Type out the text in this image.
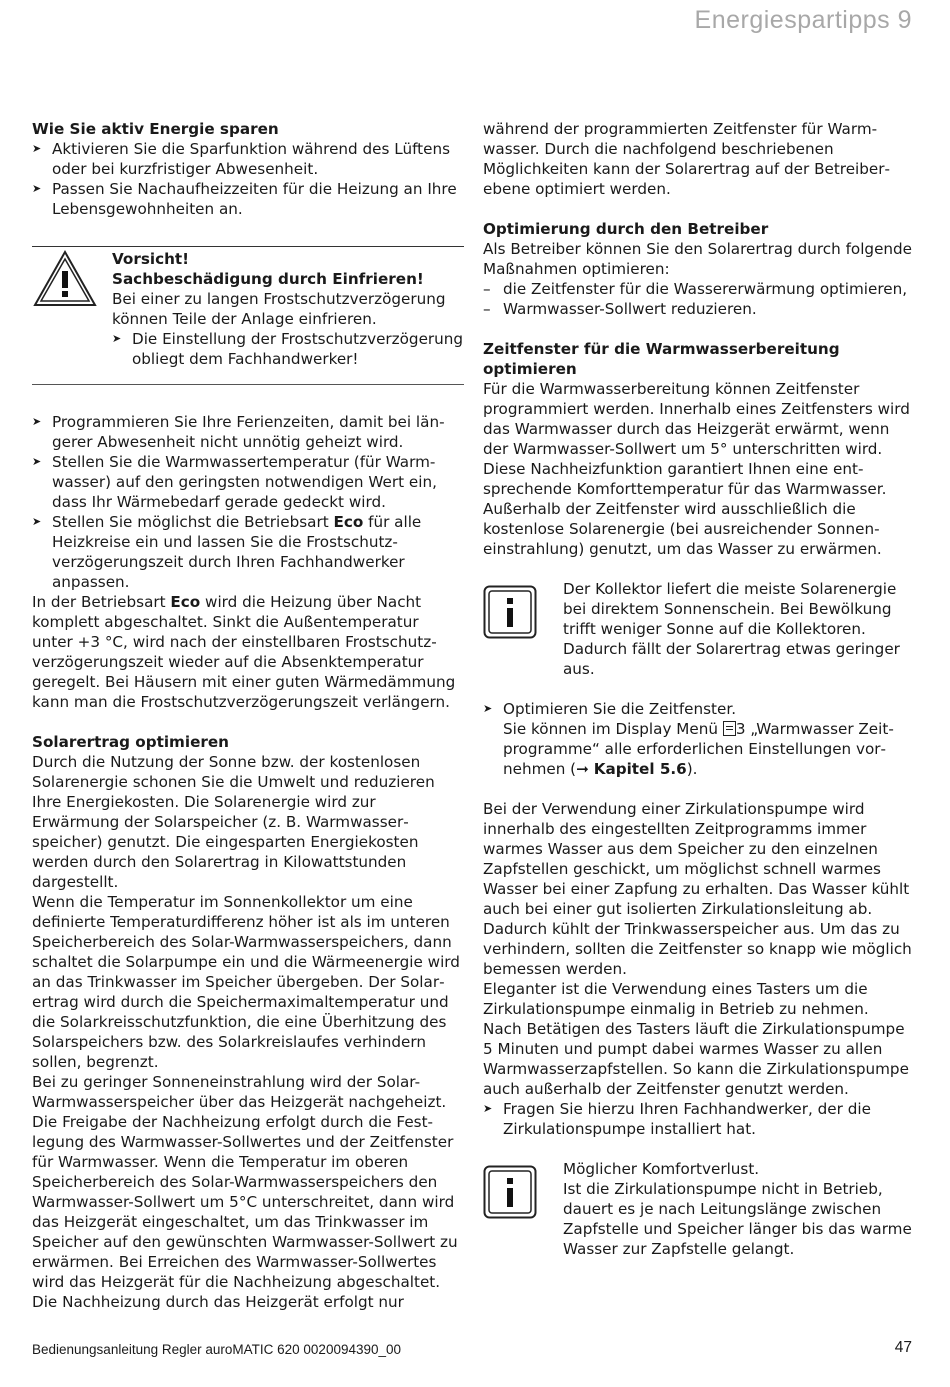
Energiespartipps 9

Wie Sie aktiv Energie sparen

➤ Aktivieren Sie die Sparfunktion während des Lüftens oder bei kurzfristiger Abwesenheit.

➤ Passen Sie Nachaufheizzeiten für die Heizung an Ihre Lebensgewohnheiten an.

Vorsicht!

Sachbeschädigung durch Einfrieren!

Bei einer zu langen Frostschutzverzögerung können Teile der Anlage einfrieren.

➤ Die Einstellung der Frostschutzverzögerung obliegt dem Fachhandwerker!

➤ Programmieren Sie Ihre Ferienzeiten, damit bei längerer Abwesenheit nicht unnötig geheizt wird.

➤ Stellen Sie die Warmwassertemperatur (für Warmwasser) auf den geringsten notwendigen Wert ein, dass Ihr Wärmebedarf gerade gedeckt wird.

➤ Stellen Sie möglichst die Betriebsart Eco für alle Heizkreise ein und lassen Sie die Frostschutzverzögerungszeit durch Ihren Fachhandwerker anpassen.

In der Betriebsart Eco wird die Heizung über Nacht komplett abgeschaltet. Sinkt die Außentemperatur unter +3 °C, wird nach der einstellbaren Frostschutzverzögerungszeit wieder auf die Absenktemperatur geregelt. Bei Häusern mit einer guten Wärmedämmung kann man die Frostschutzverzögerungszeit verlängern.

Solarertrag optimieren

Durch die Nutzung der Sonne bzw. der kostenlosen Solarenergie schonen Sie die Umwelt und reduzieren Ihre Energiekosten. Die Solarenergie wird zur Erwärmung der Solarspeicher (z. B. Warmwasserspeicher) genutzt. Die eingesparten Energiekosten werden durch den Solarertrag in Kilowattstunden dargestellt.

Wenn die Temperatur im Sonnenkollektor um eine definierte Temperaturdifferenz höher ist als im unteren Speicherbereich des Solar-Warmwasserspeichers, dann schaltet die Solarpumpe ein und die Wärmeenergie wird an das Trinkwasser im Speicher übergeben. Der Solarertrag wird durch die Speichermaximaltemperatur und die Solarkreisschutzfunktion, die eine Überhitzung des Solarspeichers bzw. des Solarkreislaufes verhindern sollen, begrenzt.

Bei zu geringer Sonneneinstrahlung wird der Solar-Warmwasserspeicher über das Heizgerät nachgeheizt. Die Freigabe der Nachheizung erfolgt durch die Festlegung des Warmwasser-Sollwertes und der Zeitfenster für Warmwasser. Wenn die Temperatur im oberen Speicherbereich des Solar-Warmwasserspeichers den Warmwasser-Sollwert um 5°C unterschreitet, dann wird das Heizgerät eingeschaltet, um das Trinkwasser im Speicher auf den gewünschten Warmwasser-Sollwert zu erwärmen. Bei Erreichen des Warmwasser-Sollwertes wird das Heizgerät für die Nachheizung abgeschaltet. Die Nachheizung durch das Heizgerät erfolgt nur

während der programmierten Zeitfenster für Warmwasser. Durch die nachfolgend beschriebenen Möglichkeiten kann der Solarertrag auf der Betreiberebene optimiert werden.

Optimierung durch den Betreiber

Als Betreiber können Sie den Solarertrag durch folgende Maßnahmen optimieren:

– die Zeitfenster für die Wassererwärmung optimieren,

– Warmwasser-Sollwert reduzieren.

Zeitfenster für die Warmwasserbereitung optimieren

Für die Warmwasserbereitung können Zeitfenster programmiert werden. Innerhalb eines Zeitfensters wird das Warmwasser durch das Heizgerät erwärmt, wenn der Warmwasser-Sollwert um 5° unterschritten wird. Diese Nachheizfunktion garantiert Ihnen eine entsprechende Komforttemperatur für das Warmwasser. Außerhalb der Zeitfenster wird ausschließlich die kostenlose Solarenergie (bei ausreichender Sonneneinstrahlung) genutzt, um das Wasser zu erwärmen.

Der Kollektor liefert die meiste Solarenergie bei direktem Sonnenschein. Bei Bewölkung trifft weniger Sonne auf die Kollektoren. Dadurch fällt der Solarertrag etwas geringer aus.

➤ Optimieren Sie die Zeitfenster.

Sie können im Display Menü
3 „Warmwasser Zeitprogramme“ alle erforderlichen Einstellungen vornehmen (➞ Kapitel 5.6).

Bei der Verwendung einer Zirkulationspumpe wird innerhalb des eingestellten Zeitprogramms immer warmes Wasser aus dem Speicher zu den einzelnen Zapfstellen geschickt, um möglichst schnell warmes Wasser bei einer Zapfung zu erhalten. Das Wasser kühlt auch bei einer gut isolierten Zirkulationsleitung ab. Dadurch kühlt der Trinkwasserspeicher aus. Um das zu verhindern, sollten die Zeitfenster so knapp wie möglich bemessen werden.

Eleganter ist die Verwendung eines Tasters um die Zirkulationspumpe einmalig in Betrieb zu nehmen.

Nach Betätigen des Tasters läuft die Zirkulationspumpe 5 Minuten und pumpt dabei warmes Wasser zu allen Warmwasserzapfstellen. So kann die Zirkulationspumpe auch außerhalb der Zeitfenster genutzt werden.

➤ Fragen Sie hierzu Ihren Fachhandwerker, der die Zirkulationspumpe installiert hat.

Möglicher Komfortverlust.

Ist die Zirkulationspumpe nicht in Betrieb, dauert es je nach Leitungslänge zwischen Zapfstelle und Speicher länger bis das warme Wasser zur Zapfstelle gelangt.

Bedienungsanleitung Regler auroMATIC 620 0020094390_00	47
